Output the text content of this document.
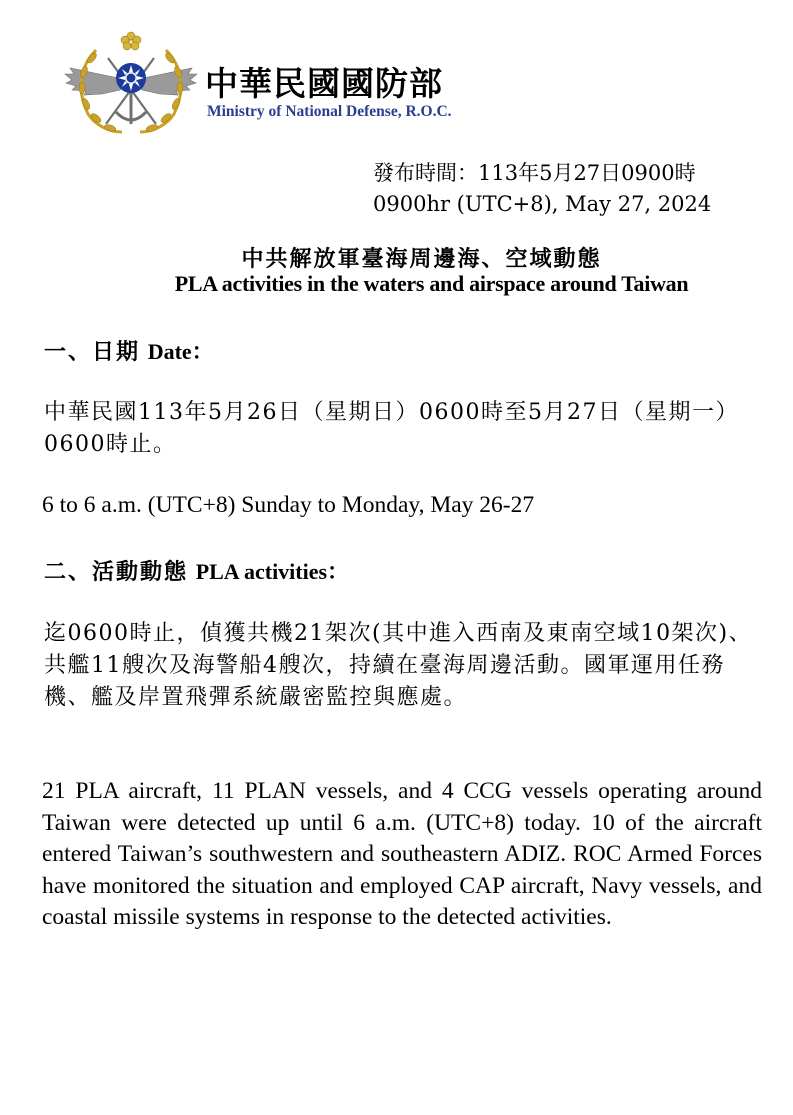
中華民國國防部
Ministry of National Defense, R.O.C.
發布時間：113年5月27日0900時
0900hr (UTC+8), May 27, 2024
中共解放軍臺海周邊海、空域動態
PLA activities in the waters and airspace around Taiwan
一、日期 Date：
中華民國113年5月26日（星期日）0600時至5月27日（星期一）0600時止。
6 to 6 a.m. (UTC+8) Sunday to Monday, May 26-27
二、活動動態 PLA activities：
迄0600時止，偵獲共機21架次(其中進入西南及東南空域10架次)、共艦11艘次及海警船4艘次，持續在臺海周邊活動。國軍運用任務機、艦及岸置飛彈系統嚴密監控與應處。
21 PLA aircraft, 11 PLAN vessels, and 4 CCG vessels operating around Taiwan were detected up until 6 a.m. (UTC+8) today. 10 of the aircraft entered Taiwan’s southwestern and southeastern ADIZ. ROC Armed Forces have monitored the situation and employed CAP aircraft, Navy vessels, and coastal missile systems in response to the detected activities.
